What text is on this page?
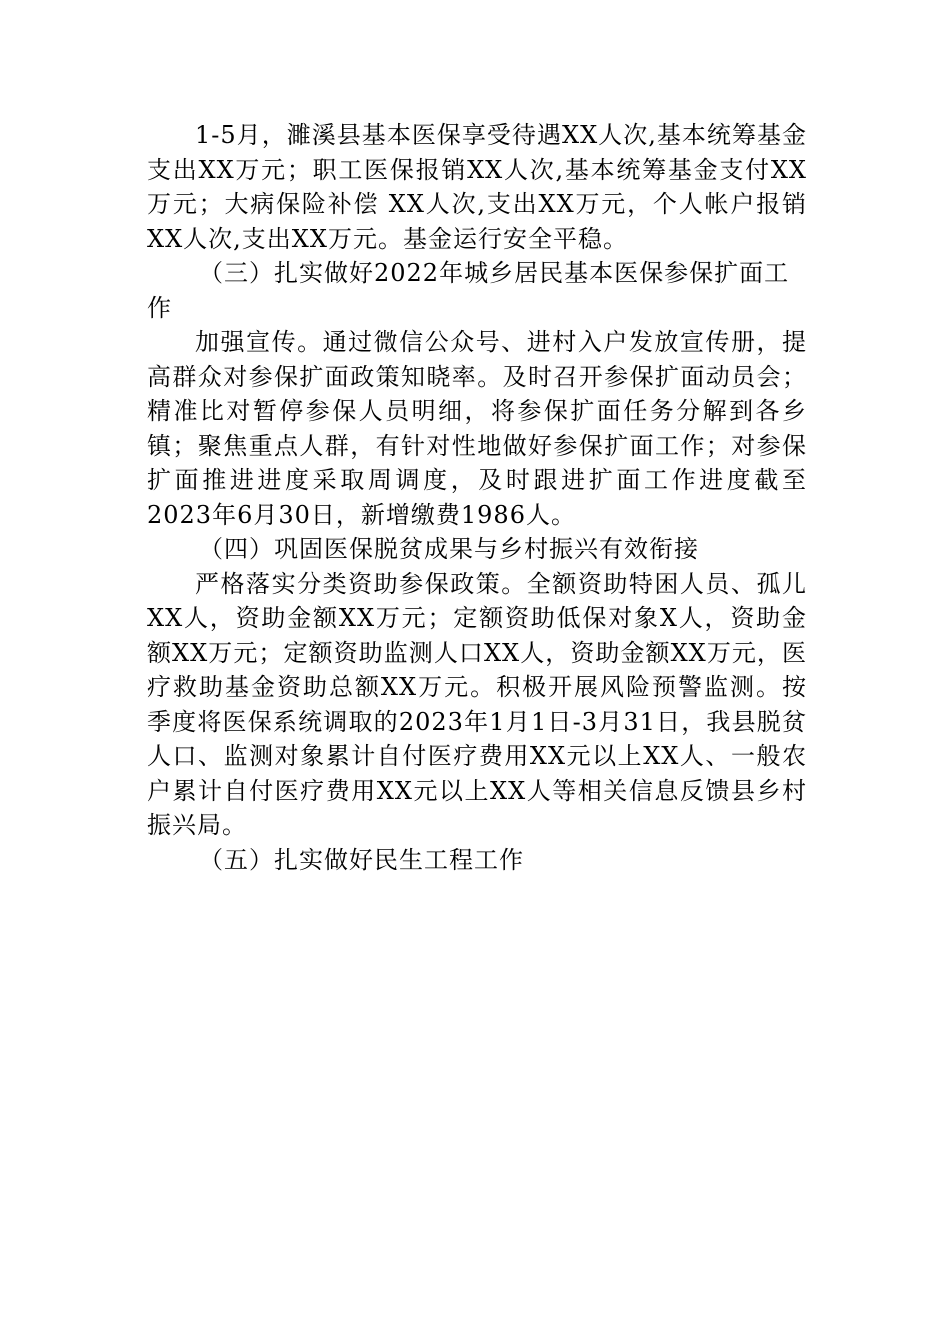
1-5月，濉溪县基本医保享受待遇XX人次,基本统筹基金支出XX万元；职工医保报销XX人次,基本统筹基金支付XX万元；大病保险补偿 XX人次,支出XX万元，个人帐户报销XX人次,支出XX万元。基金运行安全平稳。

（三）扎实做好2022年城乡居民基本医保参保扩面工作

加强宣传。通过微信公众号、进村入户发放宣传册，提高群众对参保扩面政策知晓率。及时召开参保扩面动员会；精准比对暂停参保人员明细，将参保扩面任务分解到各乡镇；聚焦重点人群，有针对性地做好参保扩面工作；对参保扩面推进进度采取周调度，及时跟进扩面工作进度截至2023年6月30日，新增缴费1986人。

（四）巩固医保脱贫成果与乡村振兴有效衔接

严格落实分类资助参保政策。全额资助特困人员、孤儿XX人，资助金额XX万元；定额资助低保对象X人，资助金额XX万元；定额资助监测人口XX人，资助金额XX万元，医疗救助基金资助总额XX万元。积极开展风险预警监测。按季度将医保系统调取的2023年1月1日-3月31日，我县脱贫人口、监测对象累计自付医疗费用XX元以上XX人、一般农户累计自付医疗费用XX元以上XX人等相关信息反馈县乡村振兴局。

（五）扎实做好民生工程工作
